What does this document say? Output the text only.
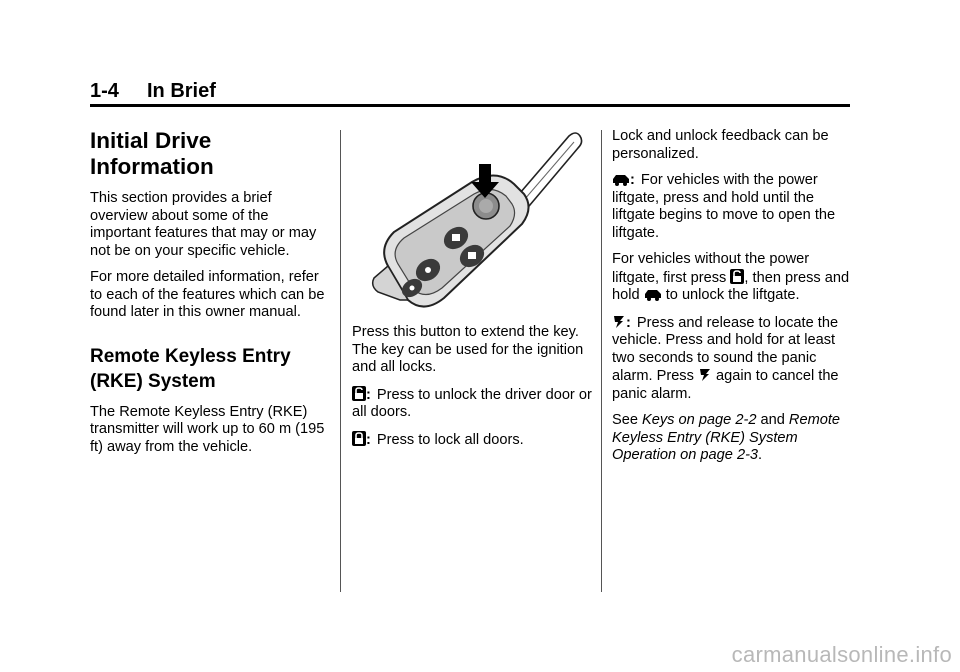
1-4 In Brief
Initial Drive Information

This section provides a brief overview about some of the important features that may or may not be on your specific vehicle.

For more detailed information, refer to each of the features which can be found later in this owner manual.

Remote Keyless Entry (RKE) System

The Remote Keyless Entry (RKE) transmitter will work up to 60 m (195 ft) away from the vehicle.

Press this button to extend the key. The key can be used for the ignition and all locks.

: Press to unlock the driver door or all doors.

: Press to lock all doors.

Lock and unlock feedback can be personalized.

: For vehicles with the power liftgate, press and hold until the liftgate begins to move to open the liftgate.

For vehicles without the power liftgate, first press , then press and hold to unlock the liftgate.

: Press and release to locate the vehicle. Press and hold for at least two seconds to sound the panic alarm. Press again to cancel the panic alarm.

See Keys on page 2-2 and Remote Keyless Entry (RKE) System Operation on page 2-3.

carmanualsonline.info
